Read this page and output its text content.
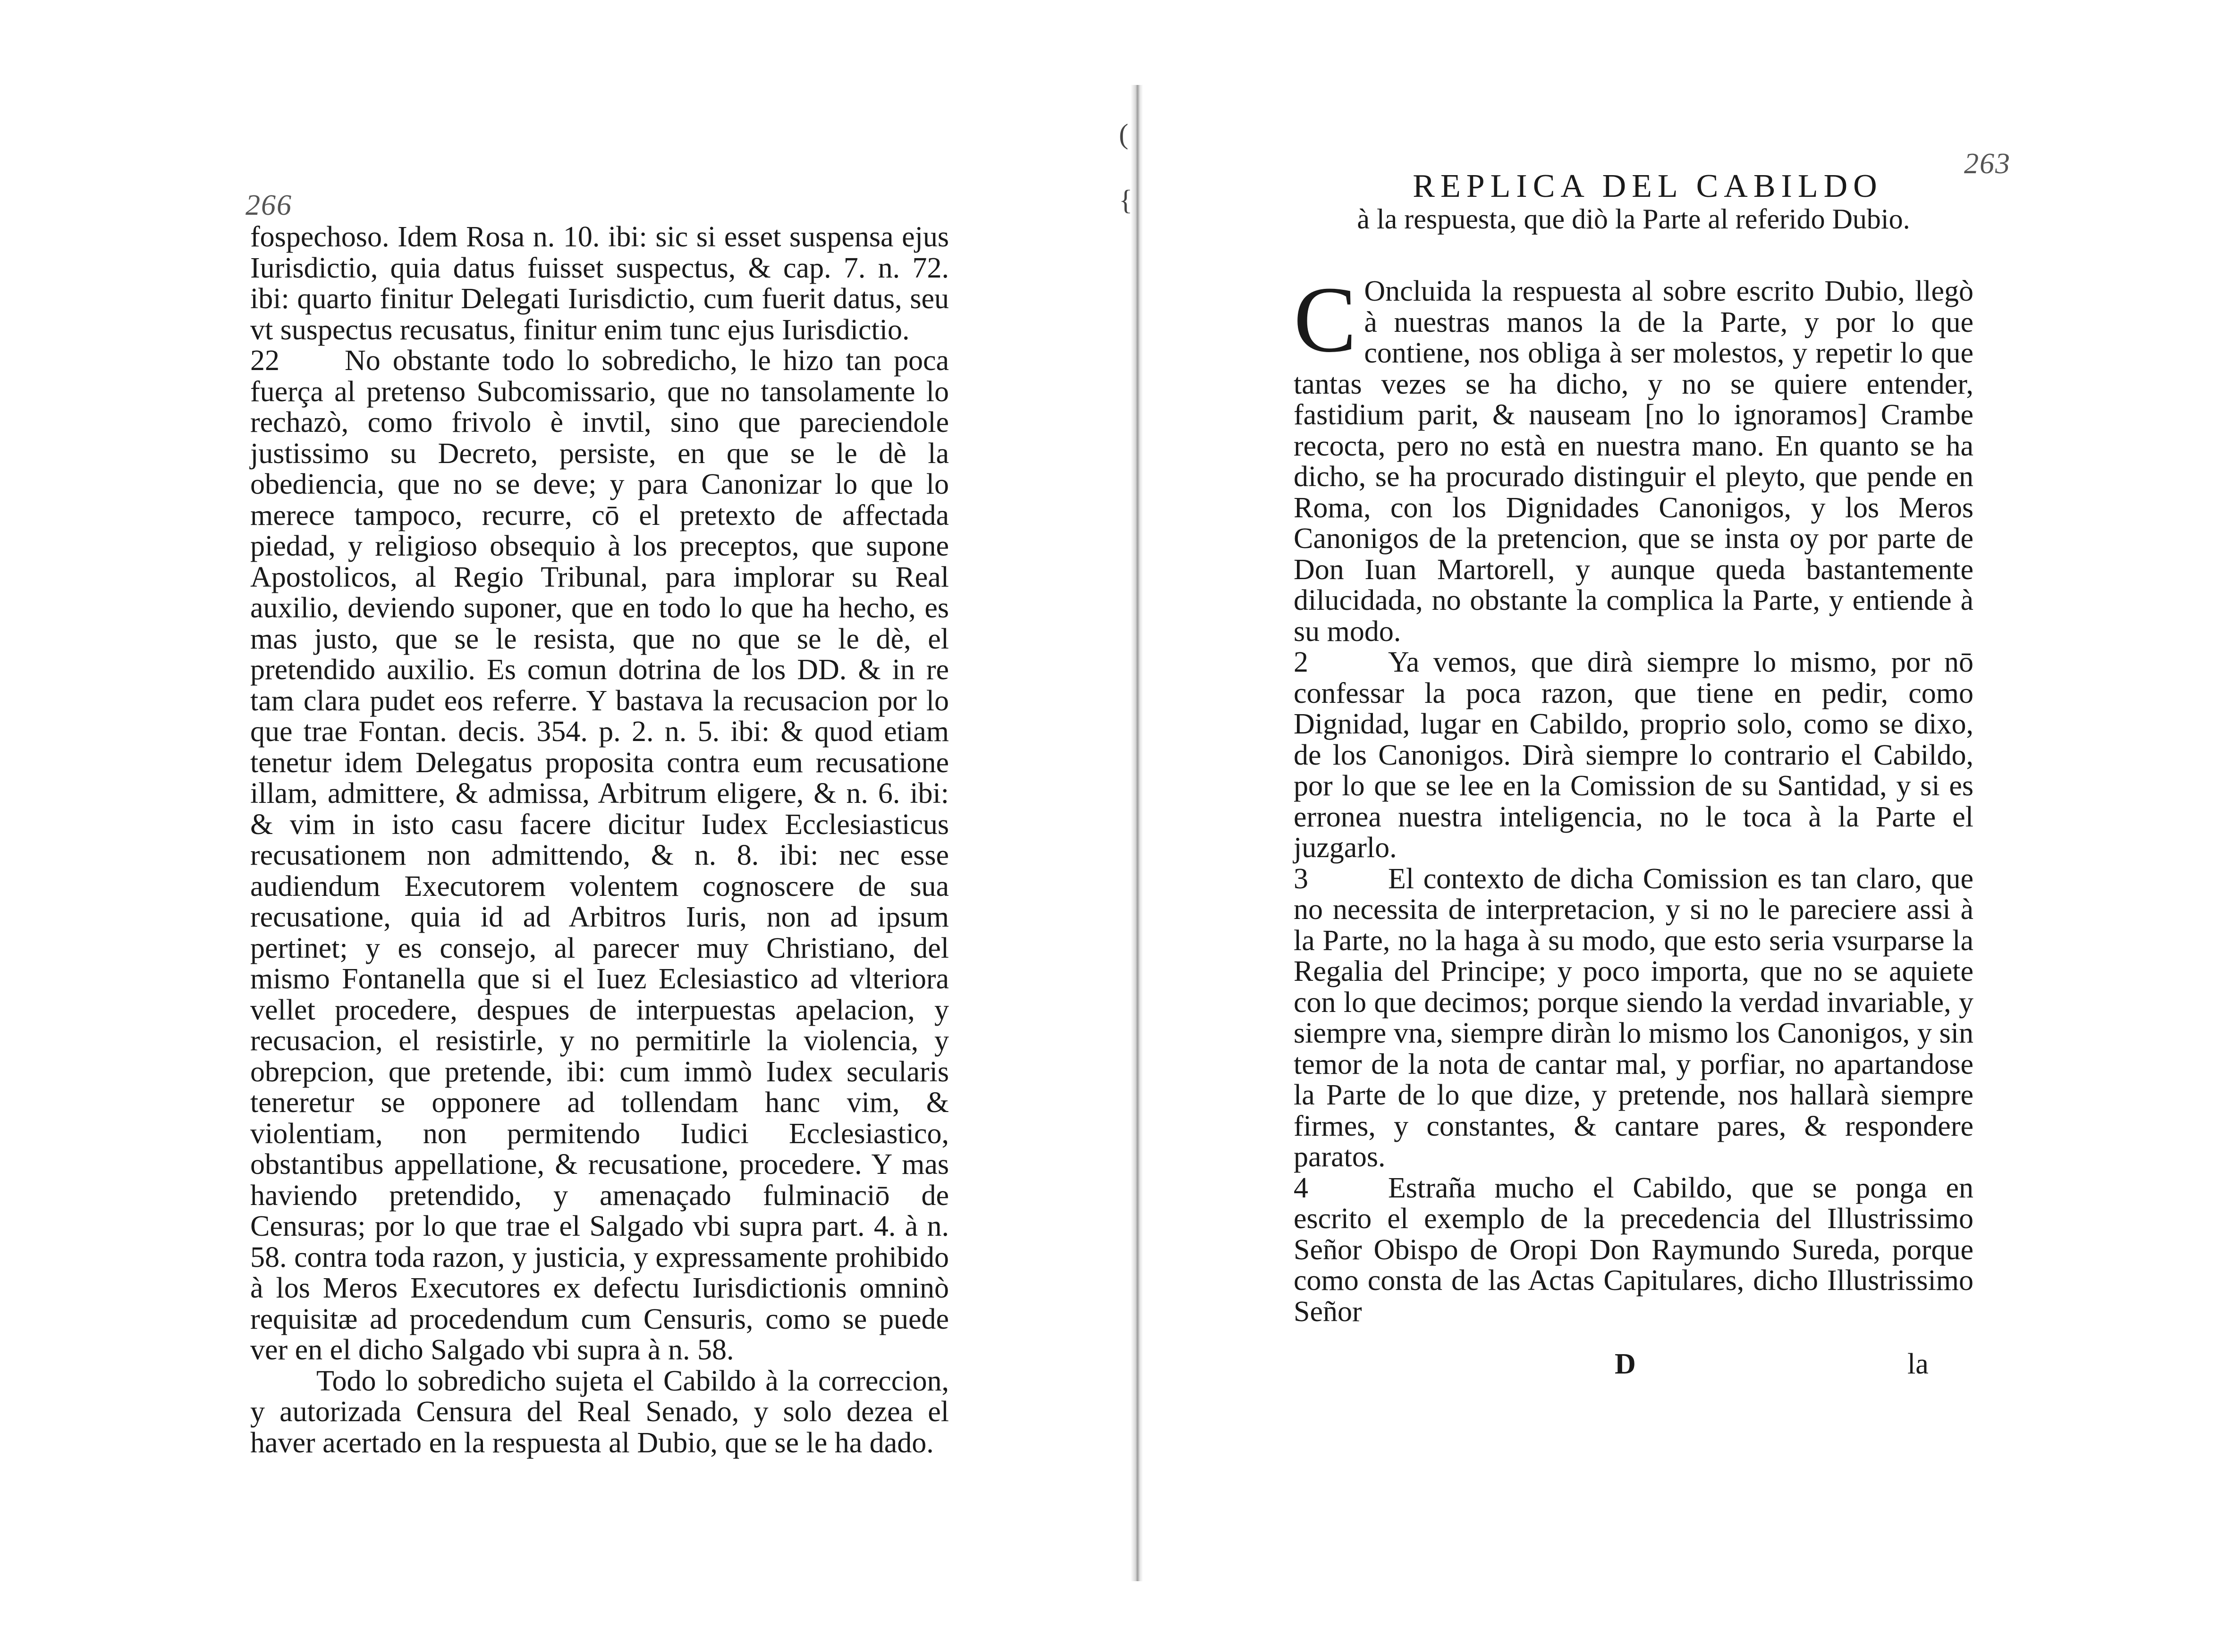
(
{
266

fospechoso. Idem Rosa n. 10. ibi: sic si esset suspensa ejus Iurisdictio, quia datus fuisset suspectus, & cap. 7. n. 72. ibi: quarto finitur Delegati Iurisdictio, cum fuerit datus, seu vt suspectus recusatus, finitur enim tunc ejus Iurisdictio.

22 No obstante todo lo sobredicho, le hizo tan poca fuerça al pretenso Subcomissario, que no tansolamente lo rechazò, como frivolo è invtil, sino que pareciendole justissimo su Decreto, persiste, en que se le dè la obediencia, que no se deve; y para Canonizar lo que lo merece tampoco, recurre, cō el pretexto de affectada piedad, y religioso obsequio à los preceptos, que supone Apostolicos, al Regio Tribunal, para implorar su Real auxilio, deviendo suponer, que en todo lo que ha hecho, es mas justo, que se le resista, que no que se le dè, el pretendido auxilio. Es comun dotrina de los DD. & in re tam clara pudet eos referre. Y bastava la recusacion por lo que trae Fontan. decis. 354. p. 2. n. 5. ibi: & quod etiam tenetur idem Delegatus proposita contra eum recusatione illam, admittere, & admissa, Arbitrum eligere, & n. 6. ibi: & vim in isto casu facere dicitur Iudex Ecclesiasticus recusationem non admittendo, & n. 8. ibi: nec esse audiendum Executorem volentem cognoscere de sua recusatione, quia id ad Arbitros Iuris, non ad ipsum pertinet; y es consejo, al parecer muy Christiano, del mismo Fontanella que si el Iuez Eclesiastico ad vlteriora vellet procedere, despues de interpuestas apelacion, y recusacion, el resistirle, y no permitirle la violencia, y obrepcion, que pretende, ibi: cum immò Iudex secularis teneretur se opponere ad tollendam hanc vim, & violentiam, non permitendo Iudici Ecclesiastico, obstantibus appellatione, & recusatione, procedere. Y mas haviendo pretendido, y amenaçado fulminaciō de Censuras; por lo que trae el Salgado vbi supra part. 4. à n. 58. contra toda razon, y justicia, y expressamente prohibido à los Meros Executores ex defectu Iurisdictionis omninò requisitæ ad procedendum cum Censuris, como se puede ver en el dicho Salgado vbi supra à n. 58.

Todo lo sobredicho sujeta el Cabildo à la correccion, y autorizada Censura del Real Senado, y solo dezea el haver acertado en la respuesta al Dubio, que se le ha dado.

263
REPLICA DEL CABILDO
à la respuesta, que diò la Parte al referido Dubio.

C Oncluida la respuesta al sobre escrito Dubio, llegò à nuestras manos la de la Parte, y por lo que contiene, nos obliga à ser molestos, y repetir lo que tantas vezes se ha dicho, y no se quiere entender, fastidium parit, & nauseam [no lo ignoramos] Crambe recocta, pero no està en nuestra mano. En quanto se ha dicho, se ha procurado distinguir el pleyto, que pende en Roma, con los Dignidades Canonigos, y los Meros Canonigos de la pretencion, que se insta oy por parte de Don Iuan Martorell, y aunque queda bastantemente dilucidada, no obstante la complica la Parte, y entiende à su modo.

2	Ya vemos, que dirà siempre lo mismo, por nō confessar la poca razon, que tiene en pedir, como Dignidad, lugar en Cabildo, proprio solo, como se dixo, de los Canonigos. Dirà siempre lo contrario el Cabildo, por lo que se lee en la Comission de su Santidad, y si es erronea nuestra inteligencia, no le toca à la Parte el juzgarlo.

3	El contexto de dicha Comission es tan claro, que no necessita de interpretacion, y si no le pareciere assi à la Parte, no la haga à su modo, que esto seria vsurparse la Regalia del Principe; y poco importa, que no se aquiete con lo que decimos; porque siendo la verdad invariable, y siempre vna, siempre diràn lo mismo los Canonigos, y sin temor de la nota de cantar mal, y porfiar, no apartandose la Parte de lo que dize, y pretende, nos hallarà siempre firmes, y constantes, & cantare pares, & respondere paratos.

4	Estraña mucho el Cabildo, que se ponga en escrito el exemplo de la precedencia del Illustrissimo Señor Obispo de Oropi Don Raymundo Sureda, porque como consta de las Actas Capitulares, dicho Illustrissimo Señor

D	la
